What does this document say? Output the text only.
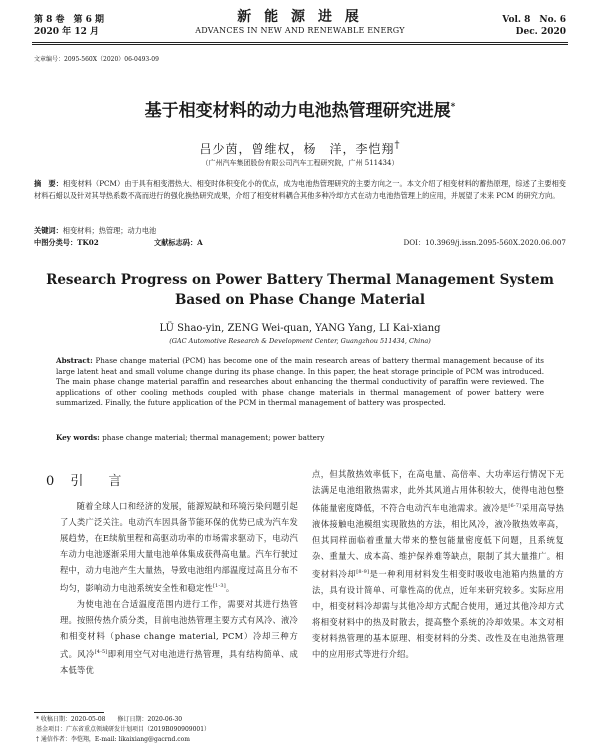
第 8 卷　第 6 期
2020 年 12 月
新 能 源 进 展
ADVANCES IN NEW AND RENEWABLE ENERGY
Vol. 8　No. 6
Dec. 2020
文章编号：2095-560X（2020）06-0493-09
基于相变材料的动力电池热管理研究进展*
吕少茵，曾维权，杨　洋，李恺翔†
（广州汽车集团股份有限公司汽车工程研究院，广州 511434）
摘　要：相变材料（PCM）由于具有相变潜热大、相变时体积变化小的优点，成为电池热管理研究的主要方向之一。本文介绍了相变材料的蓄热原理，综述了主要相变材料石蜡以及针对其导热系数不高而进行的强化换热研究成果，介绍了相变材料耦合其他多种冷却方式在动力电池热管理上的应用，并展望了未来 PCM 的研究方向。
关键词：相变材料；热管理；动力电池
中图分类号：TK02	文献标志码：A	DOI：10.3969/j.issn.2095-560X.2020.06.007
Research Progress on Power Battery Thermal Management System
Based on Phase Change Material
LÜ Shao-yin, ZENG Wei-quan, YANG Yang, LI Kai-xiang
(GAC Automotive Research & Development Center, Guangzhou 511434, China)
Abstract: Phase change material (PCM) has become one of the main research areas of battery thermal management because of its large latent heat and small volume change during its phase change. In this paper, the heat storage principle of PCM was introduced. The main phase change material paraffin and researches about enhancing the thermal conductivity of paraffin were reviewed. The applications of other cooling methods coupled with phase change materials in thermal management of power battery were summarized. Finally, the future application of the PCM in thermal management of battery was prospected.
Key words: phase change material; thermal management; power battery
0 引　言

随着全球人口和经济的发展，能源短缺和环境污染问题引起了人类广泛关注。电动汽车因具备节能环保的优势已成为汽车发展趋势，在E续航里程和高驱动功率的市场需求驱动下，电动汽车动力电池逐渐采用大量电池单体集成获得高电量。汽车行驶过程中，动力电池产生大量热，导致电池组内部温度过高且分布不均匀，影响动力电池系统安全性和稳定性[1-3]。

为使电池在合适温度范围内进行工作，需要对其进行热管理。按照传热介质分类，目前电池热管理主要方式有风冷、液冷和相变材料（phase change material, PCM）冷却三种方式。风冷[4-5]即利用空气对电池进行热管理，具有结构简单、成本低等优

点，但其散热效率低下，在高电量、高倍率、大功率运行情况下无法满足电池组散热需求，此外其风道占用体积较大，使得电池包整体能量密度降低，不符合电动汽车电池需求。液冷是[6-7]采用高导热液体接触电池模组实现散热的方法，相比风冷，液冷散热效率高，但其同样面临着重量大带来的整包能量密度低下问题，且系统复杂、重量大、成本高、维护保养难等缺点，限制了其大量推广。相变材料冷却[8-9]是一种利用材料发生相变时吸收电池箱内热量的方法，具有设计简单、可靠性高的优点，近年来研究较多。实际应用中，相变材料冷却需与其他冷却方式配合使用，通过其他冷却方式将相变材料中的热及时散去，提高整个系统的冷却效果。本文对相变材料热管理的基本原理、相变材料的分类、改性及在电池热管理中的应用形式等进行介绍。

* 收稿日期：2020-05-08 修订日期：2020-06-30
基金项目：广东省重点领域研发计划项目（2019B090909001）
† 通信作者：李恺翔，E-mail: likaixiang@gacrnd.com
